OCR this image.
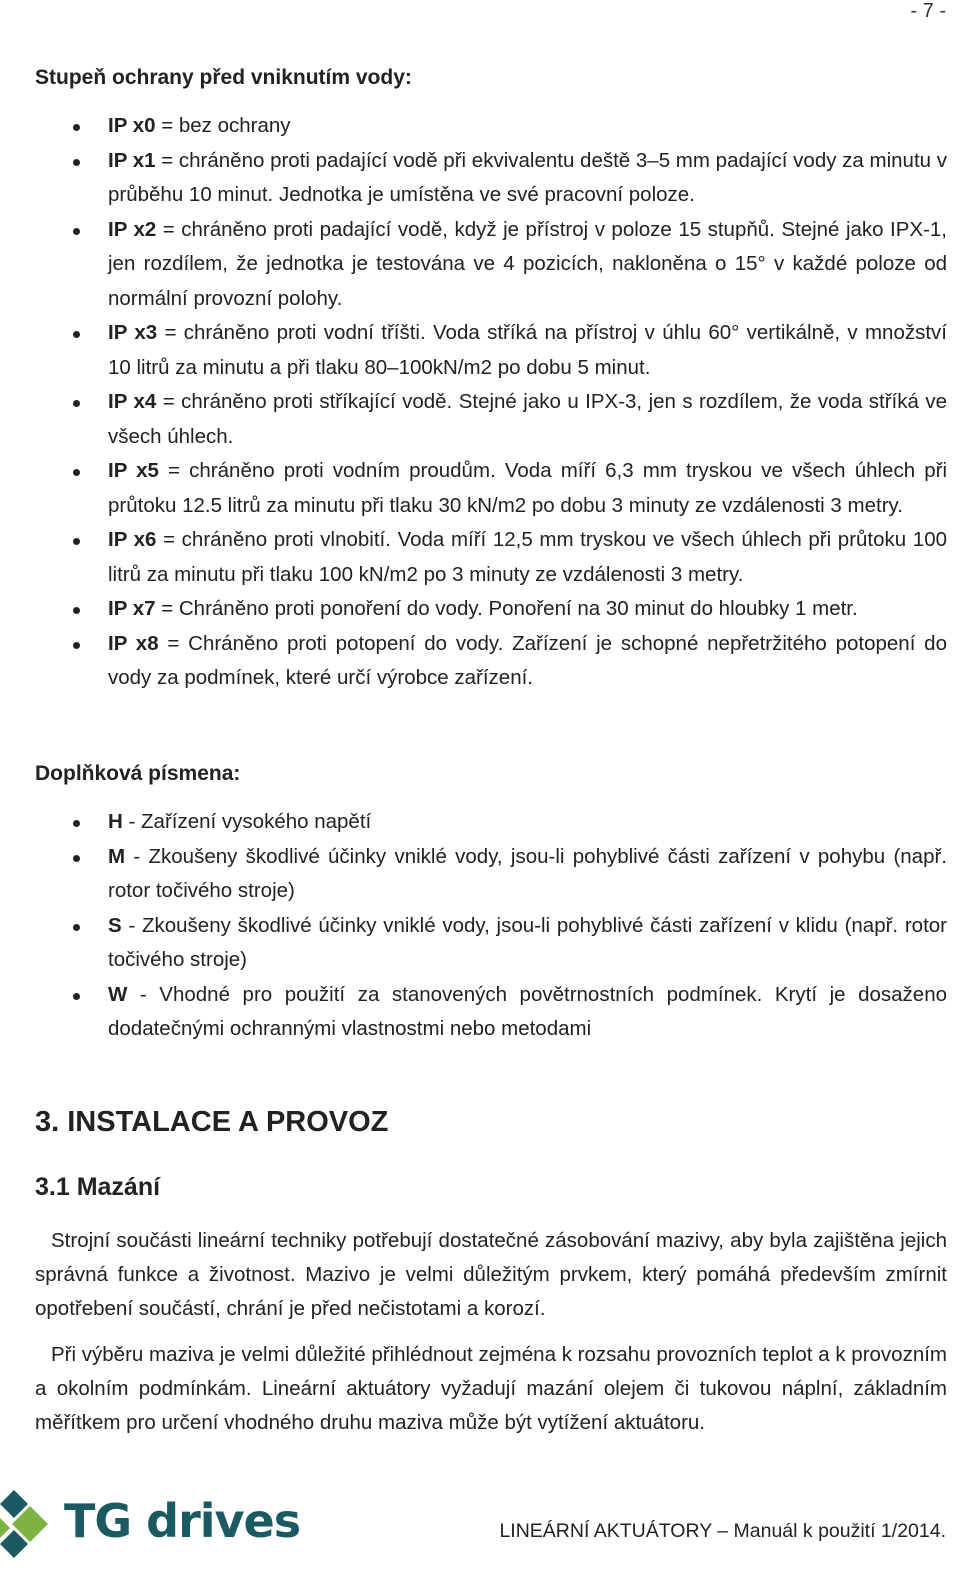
- 7 -
Stupeň ochrany před vniknutím vody:
IP x0 = bez ochrany
IP x1 = chráněno proti padající vodě při ekvivalentu deště 3–5 mm padající vody za minutu v průběhu 10 minut. Jednotka je umístěna ve své pracovní poloze.
IP x2 = chráněno proti padající vodě, když je přístroj v poloze 15 stupňů. Stejné jako IPX-1, jen rozdílem, že jednotka je testována ve 4 pozicích, nakloněna o 15° v každé poloze od normální provozní polohy.
IP x3 = chráněno proti vodní tříšti. Voda stříká na přístroj v úhlu 60° vertikálně, v množství 10 litrů za minutu a při tlaku 80–100kN/m2 po dobu 5 minut.
IP x4 = chráněno proti stříkající vodě. Stejné jako u IPX-3, jen s rozdílem, že voda stříká ve všech úhlech.
IP x5 = chráněno proti vodním proudům. Voda míří 6,3 mm tryskou ve všech úhlech při průtoku 12.5 litrů za minutu při tlaku 30 kN/m2 po dobu 3 minuty ze vzdálenosti 3 metry.
IP x6 = chráněno proti vlnobití. Voda míří 12,5 mm tryskou ve všech úhlech při průtoku 100 litrů za minutu při tlaku 100 kN/m2 po 3 minuty ze vzdálenosti 3 metry.
IP x7 = Chráněno proti ponoření do vody. Ponoření na 30 minut do hloubky 1 metr.
IP x8 = Chráněno proti potopení do vody. Zařízení je schopné nepřetržitého potopení do vody za podmínek, které určí výrobce zařízení.
Doplňková písmena:
H - Zařízení vysokého napětí
M - Zkoušeny škodlivé účinky vniklé vody, jsou-li pohyblivé části zařízení v pohybu (např. rotor točivého stroje)
S - Zkoušeny škodlivé účinky vniklé vody, jsou-li pohyblivé části zařízení v klidu (např. rotor točivého stroje)
W - Vhodné pro použití za stanovených povětrnostních podmínek. Krytí je dosaženo dodatečnými ochrannými vlastnostmi nebo metodami
3. INSTALACE A PROVOZ
3.1 Mazání

Strojní součásti lineární techniky potřebují dostatečné zásobování mazivy, aby byla zajištěna jejich správná funkce a životnost. Mazivo je velmi důležitým prvkem, který pomáhá především zmírnit opotřebení součástí, chrání je před nečistotami a korozí.

Při výběru maziva je velmi důležité přihlédnout zejména k rozsahu provozních teplot a k provozním a okolním podmínkám. Lineární aktuátory vyžadují mazání olejem či tukovou náplní, základním měřítkem pro určení vhodného druhu maziva může být vytížení aktuátoru.

TG drives	LINEÁRNÍ AKTUÁTORY – Manuál k použití 1/2014.
